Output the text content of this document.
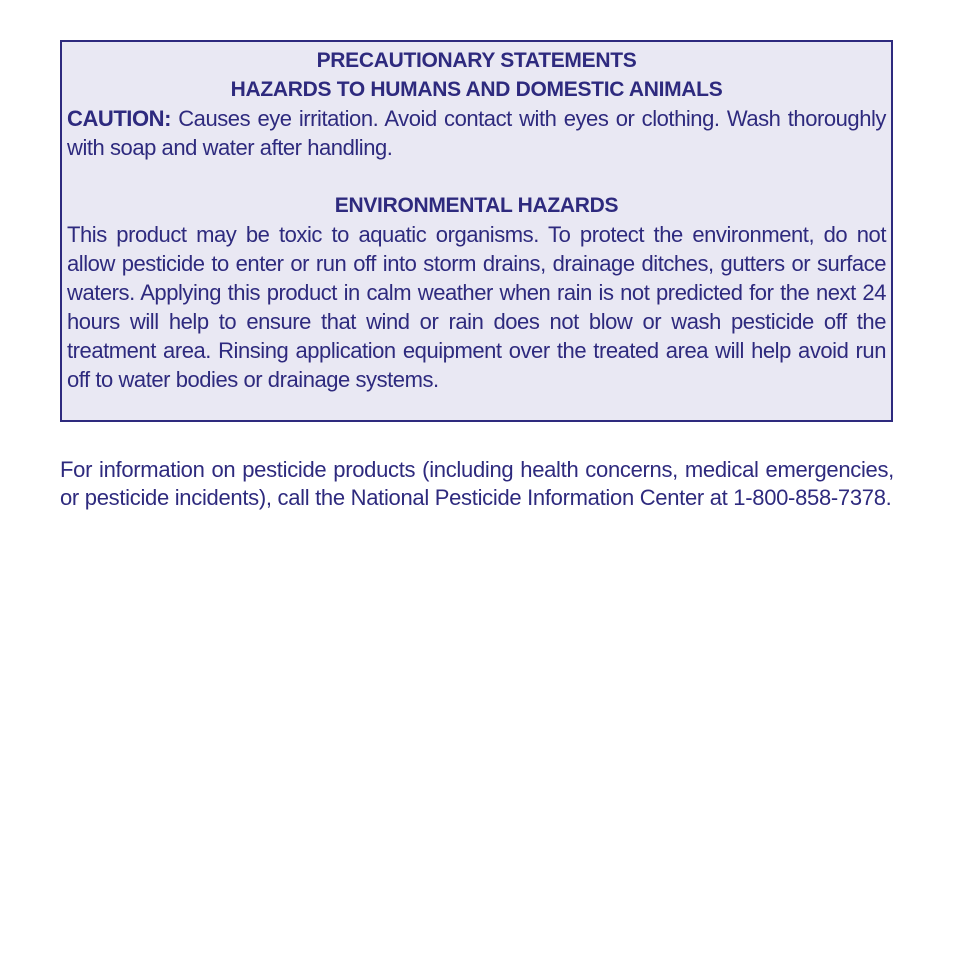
PRECAUTIONARY STATEMENTS

HAZARDS TO HUMANS AND DOMESTIC ANIMALS

CAUTION: Causes eye irritation. Avoid contact with eyes or clothing. Wash thoroughly with soap and water after handling.

ENVIRONMENTAL HAZARDS

This product may be toxic to aquatic organisms. To protect the environment, do not allow pesticide to enter or run off into storm drains, drainage ditches, gutters or surface waters. Applying this product in calm weather when rain is not predicted for the next 24 hours will help to ensure that wind or rain does not blow or wash pesticide off the treatment area. Rinsing application equipment over the treated area will help avoid run off to water bodies or drainage systems.

For information on pesticide products (including health concerns, medical emergencies, or pesticide incidents), call the National Pesticide Information Center at 1-800-858-7378.
